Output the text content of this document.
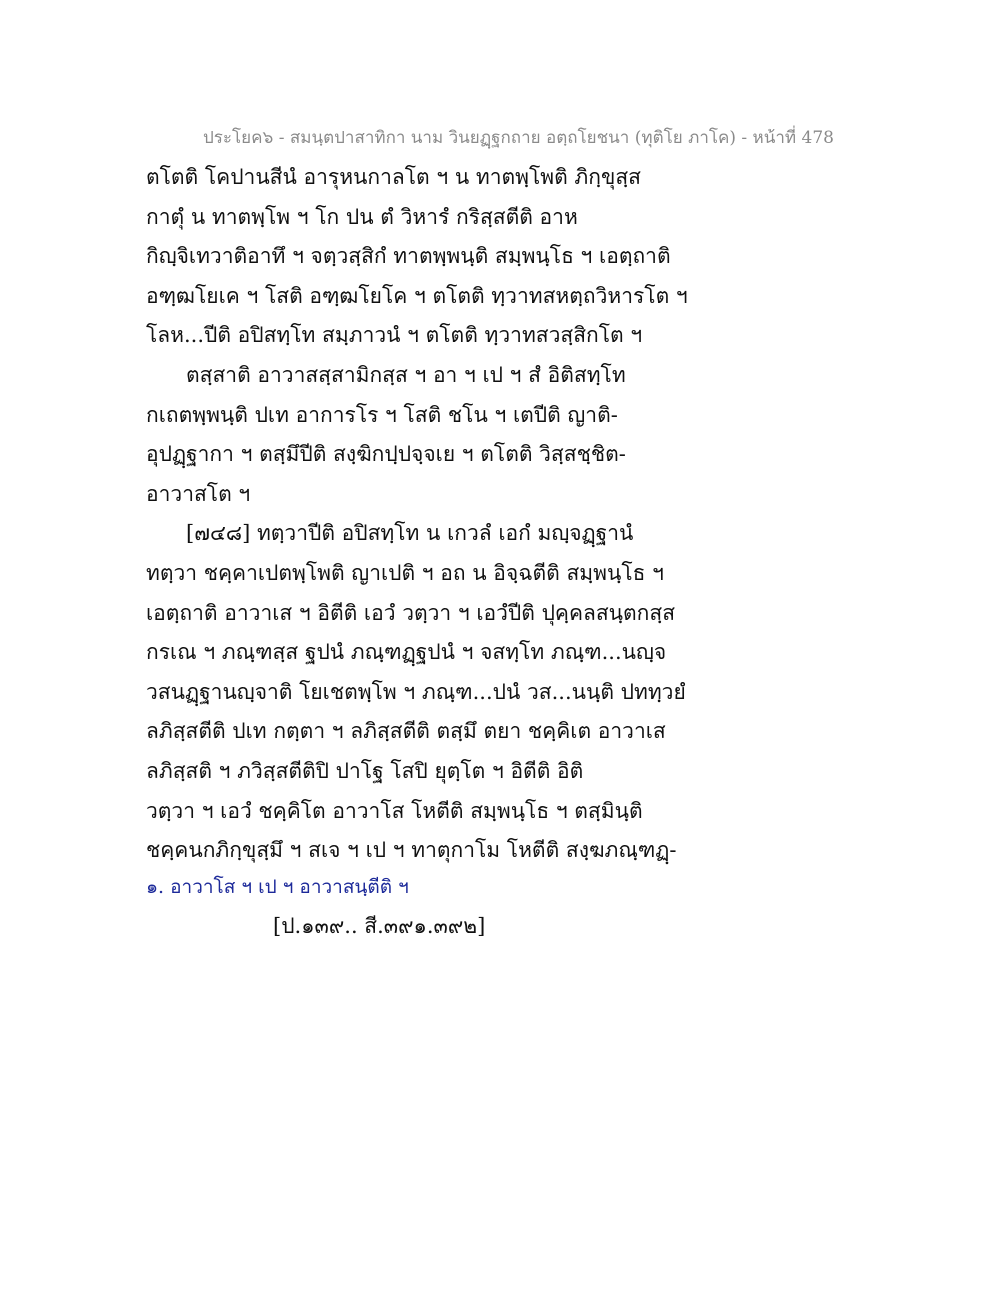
ประโยค๖ - สมนฺตปาสาทิกา นาม วินยฏฺฐกถาย อตฺถโยชนา (ทุติโย ภาโค) - หน้าที่ 478
ตโตติ โคปานสีนํ อารุหนกาลโต ฯ น ทาตพฺโพติ ภิกฺขุสฺส
กาตุํ น ทาตพฺโพ ฯ โก ปน ตํ วิหารํ กริสฺสตีติ อาห
กิญฺจิเทวาติอาทึ ฯ จตฺวสฺสิกํ ทาตพฺพนฺติ สมฺพนฺโธ ฯ เอตฺถาติ
อฑฺฒโยเค ฯ โสติ อฑฺฒโยโค ฯ ตโตติ ทฺวาทสหตฺถวิหารโต ฯ
โลห...ปีติ อปิสทฺโท สมฺภาวนํ ฯ ตโตติ ทฺวาทสวสฺสิกโต ฯ
ตสฺสาติ อาวาสสฺสามิกสฺส ฯ อา ฯ เป ฯ สํ อิติสทฺโท
กเถตพฺพนฺติ ปเท อาการโร ฯ โสติ ชโน ฯ เตปีติ ญาติ-
อุปฏฺฐากา ฯ ตสฺมึปีติ สงฺฆิกปฺปจฺจเย ฯ ตโตติ วิสฺสชฺชิต-
อาวาสโต ฯ
[๗๔๘] ทตฺวาปีติ อปิสทฺโท น เกวลํ เอกํ มญฺจฏฺฐานํ
ทตฺวา ชคฺคาเปตพฺโพติ ญาเปติ ฯ อถ น อิจฺฉตีติ สมฺพนฺโธ ฯ
เอตฺถาติ อาวาเส ฯ อิตีติ เอวํ วตฺวา ฯ เอวํปีติ ปุคฺคลสนฺตกสฺส
กรเณ ฯ ภณฺฑสฺส ฐปนํ ภณฺฑฏฺฐปนํ ฯ จสทฺโท ภณฺฑ...นญฺจ
วสนฏฺฐานญฺจาติ โยเชตพฺโพ ฯ ภณฺฑ...ปนํ วส...นนฺติ ปททฺวยํ
ลภิสฺสตีติ ปเท กตฺตา ฯ ลภิสฺสตีติ ตสฺมึ ตยา ชคฺคิเต อาวาเส
ลภิสฺสติ ฯ ภวิสฺสตีติปิ ปาโฐ โสปิ ยุตฺโต ฯ อิตีติ อิติ
วตฺวา ฯ เอวํ ชคฺคิโต อาวาโส โหตีติ สมฺพนฺโธ ฯ ตสฺมินฺติ
ชคฺคนกภิกฺขุสฺมึ ฯ สเจ ฯ เป ฯ ทาตุกาโม โหตีติ สงฺฆภณฺฑฏฺ-
๑. อาวาโส ฯ เป ฯ อาวาสนฺตีติ ฯ
[ป.๑๓๙.. สี.๓๙๑.๓๙๒]
